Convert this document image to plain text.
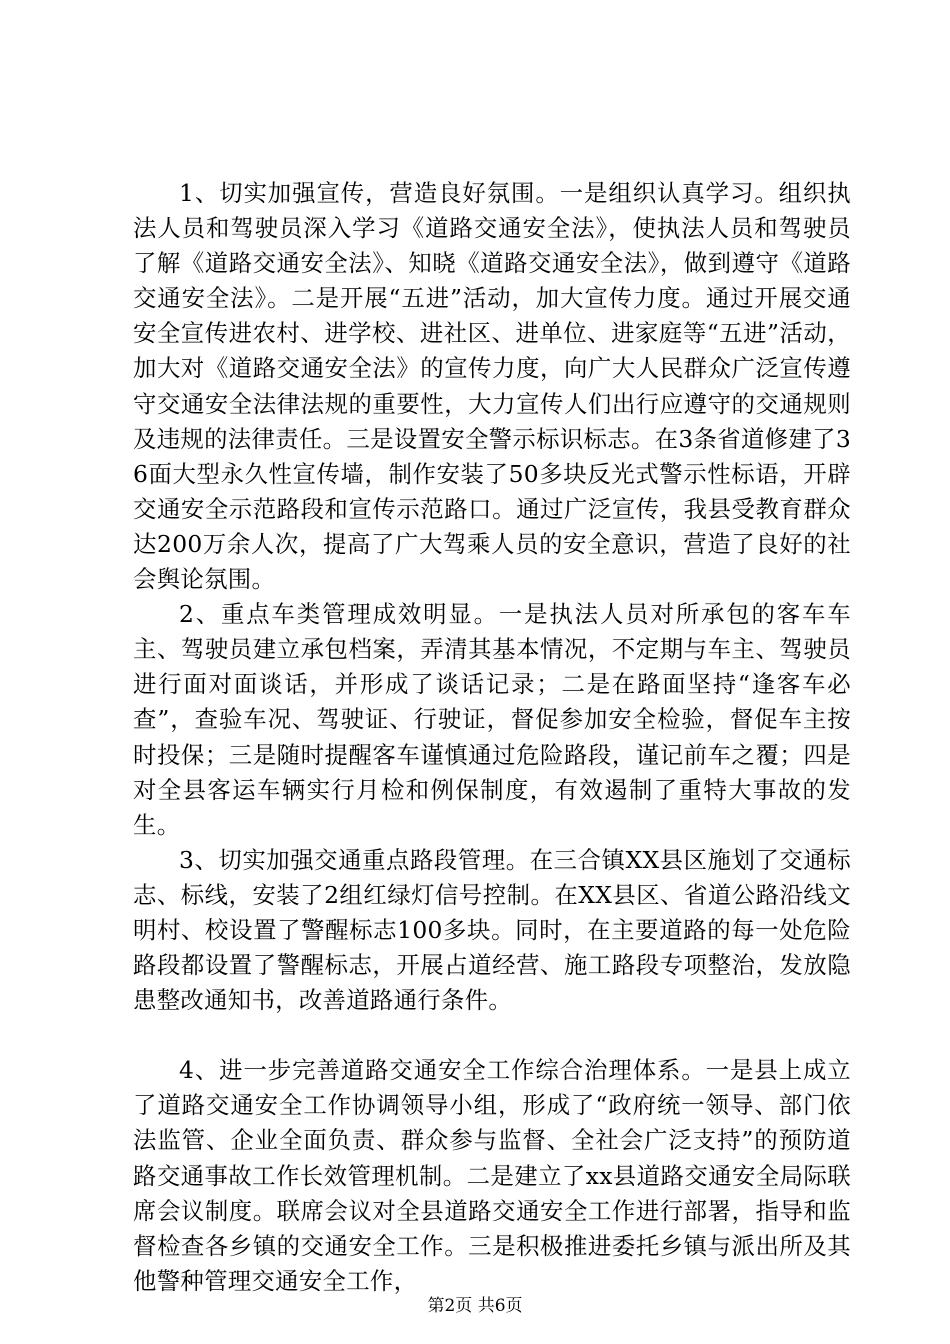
1、切实加强宣传，营造良好氛围。一是组织认真学习。组织执法人员和驾驶员深入学习《道路交通安全法》，使执法人员和驾驶员了解《道路交通安全法》、知晓《道路交通安全法》，做到遵守《道路交通安全法》。二是开展“五进”活动，加大宣传力度。通过开展交通安全宣传进农村、进学校、进社区、进单位、进家庭等“五进”活动，加大对《道路交通安全法》的宣传力度，向广大人民群众广泛宣传遵守交通安全法律法规的重要性，大力宣传人们出行应遵守的交通规则及违规的法律责任。三是设置安全警示标识标志。在3条省道修建了36面大型永久性宣传墙，制作安装了50多块反光式警示性标语，开辟交通安全示范路段和宣传示范路口。通过广泛宣传，我县受教育群众达200万余人次，提高了广大驾乘人员的安全意识，营造了良好的社会舆论氛围。

2、重点车类管理成效明显。一是执法人员对所承包的客车车主、驾驶员建立承包档案，弄清其基本情况，不定期与车主、驾驶员进行面对面谈话，并形成了谈话记录；二是在路面坚持“逢客车必查”，查验车况、驾驶证、行驶证，督促参加安全检验，督促车主按时投保；三是随时提醒客车谨慎通过危险路段，谨记前车之覆；四是对全县客运车辆实行月检和例保制度，有效遏制了重特大事故的发生。

3、切实加强交通重点路段管理。在三合镇XX县区施划了交通标志、标线，安装了2组红绿灯信号控制。在XX县区、省道公路沿线文明村、校设置了警醒标志100多块。同时，在主要道路的每一处危险路段都设置了警醒标志，开展占道经营、施工路段专项整治，发放隐患整改通知书，改善道路通行条件。

4、进一步完善道路交通安全工作综合治理体系。一是县上成立了道路交通安全工作协调领导小组，形成了“政府统一领导、部门依法监管、企业全面负责、群众参与监督、全社会广泛支持”的预防道路交通事故工作长效管理机制。二是建立了xx县道路交通安全局际联席会议制度。联席会议对全县道路交通安全工作进行部署，指导和监督检查各乡镇的交通安全工作。三是积极推进委托乡镇与派出所及其他警种管理交通安全工作，

第2页 共6页
